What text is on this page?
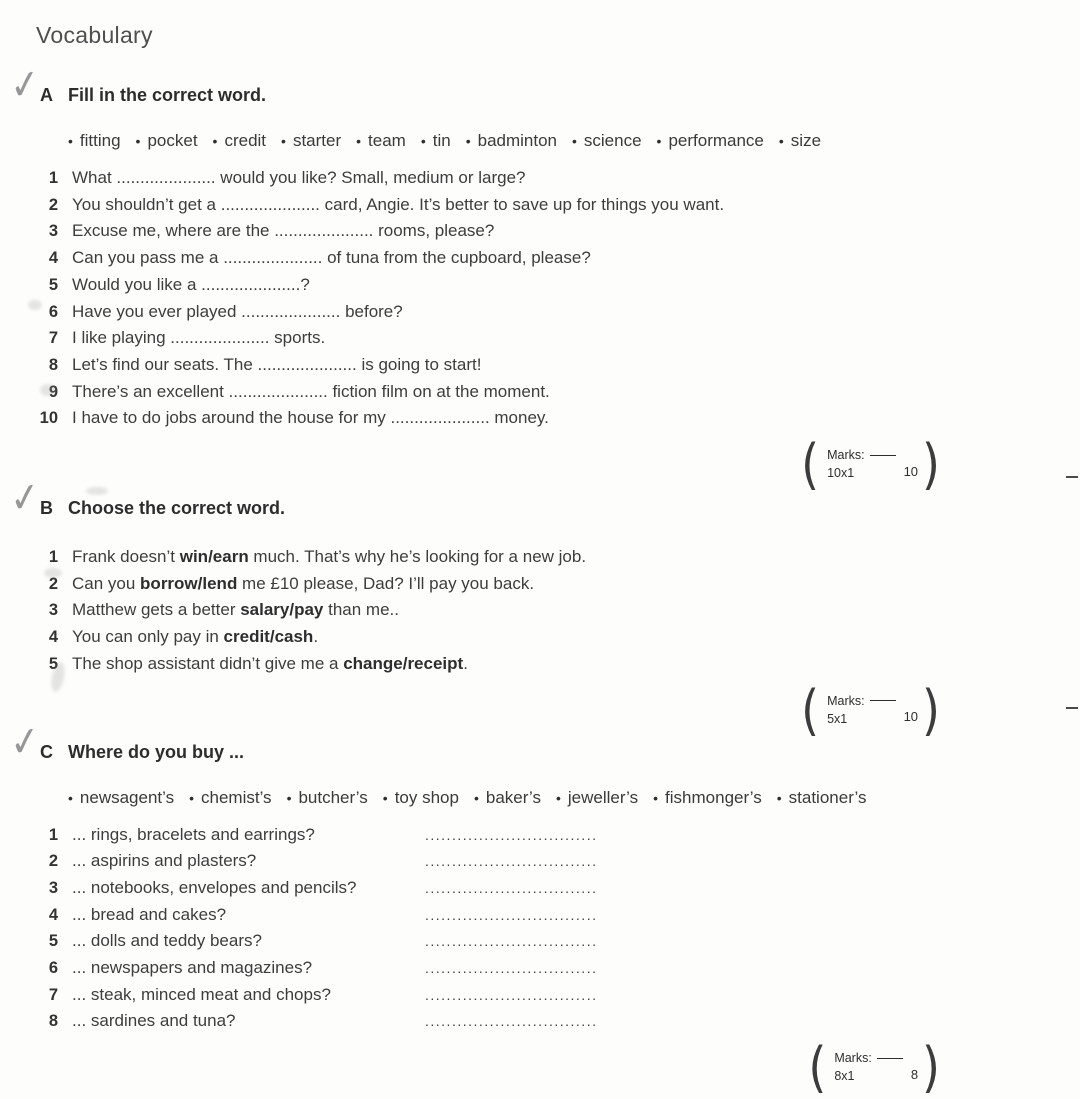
Vocabulary
✓
A Fill in the correct word.
•
fitting • pocket • credit • starter • team • tin • badminton • science • performance • size
1 What ..................... would you like? Small, medium or large?
2 You shouldn’t get a ..................... card, Angie. It’s better to save up for things you want.
3 Excuse me, where are the ..................... rooms, please?
4 Can you pass me a ..................... of tuna from the cupboard, please?
5 Would you like a .....................?
6 Have you ever played ..................... before?
7 I like playing ..................... sports.
8 Let’s find our seats. The ..................... is going to start!
9 There’s an excellent ..................... fiction film on at the moment.
10 I have to do jobs around the house for my ..................... money.
(
Marks:
10x1	10
)
✓
B Choose the correct word.
1 Frank doesn’t win/earn much. That’s why he’s looking for a new job.
2 Can you borrow/lend me £10 please, Dad? I’ll pay you back.
3 Matthew gets a better salary/pay than me..
4 You can only pay in credit/cash.
5 The shop assistant didn’t give me a change/receipt.
(
Marks:
5x1	10
)
✓
C Where do you buy ...
•
newsagent’s • chemist’s • butcher’s • toy shop • baker’s • jeweller’s • fishmonger’s • stationer’s
1 ... rings, bracelets and earrings?	................................
2 ... aspirins and plasters?	................................
3 ... notebooks, envelopes and pencils?	................................
4 ... bread and cakes?	................................
5 ... dolls and teddy bears?	................................
6 ... newspapers and magazines?	................................
7 ... steak, minced meat and chops?	................................
8 ... sardines and tuna?	................................
(
Marks:
8x1	8
)
